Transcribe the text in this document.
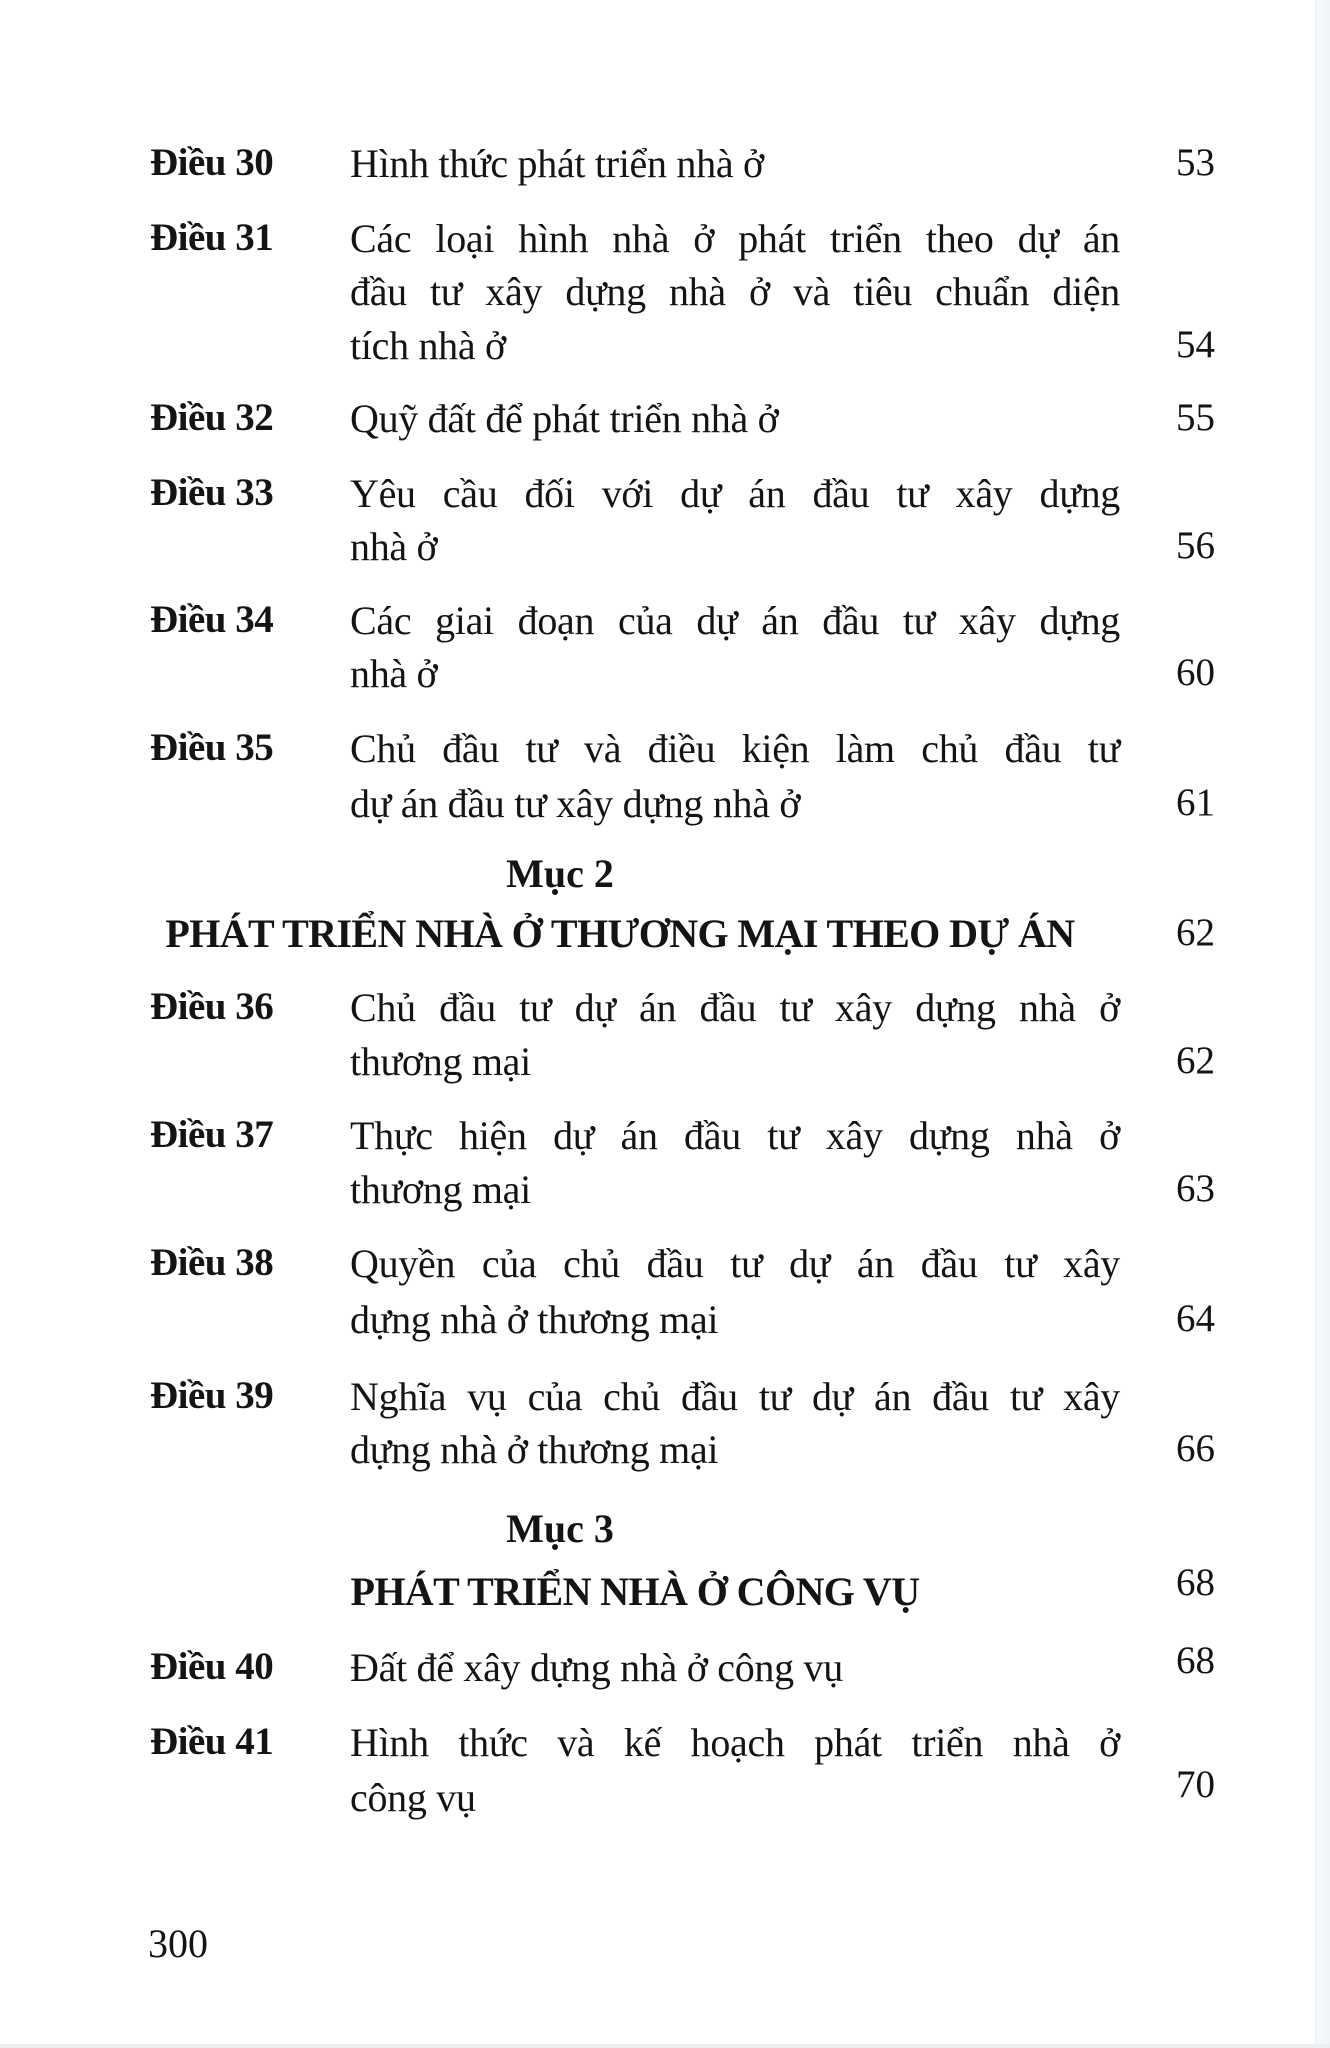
Điều 30 Hình thức phát triển nhà ở	53
Điều 31 Các loại hình nhà ở phát triển theo dự án
đầu tư xây dựng nhà ở và tiêu chuẩn diện
tích nhà ở	54
Điều 32 Quỹ đất để phát triển nhà ở	55
Điều 33 Yêu cầu đối với dự án đầu tư xây dựng
nhà ở	56
Điều 34 Các giai đoạn của dự án đầu tư xây dựng
nhà ở	60
Điều 35 Chủ đầu tư và điều kiện làm chủ đầu tư
dự án đầu tư xây dựng nhà ở	61
Mục 2
PHÁT TRIỂN NHÀ Ở THƯƠNG MẠI THEO DỰ ÁN	62
Điều 36 Chủ đầu tư dự án đầu tư xây dựng nhà ở
thương mại	62
Điều 37 Thực hiện dự án đầu tư xây dựng nhà ở
thương mại	63
Điều 38 Quyền của chủ đầu tư dự án đầu tư xây
dựng nhà ở thương mại	64
Điều 39 Nghĩa vụ của chủ đầu tư dự án đầu tư xây
dựng nhà ở thương mại	66
Mục 3
PHÁT TRIỂN NHÀ Ở CÔNG VỤ	68
Điều 40 Đất để xây dựng nhà ở công vụ	68
Điều 41 Hình thức và kế hoạch phát triển nhà ở
công vụ	70
300
